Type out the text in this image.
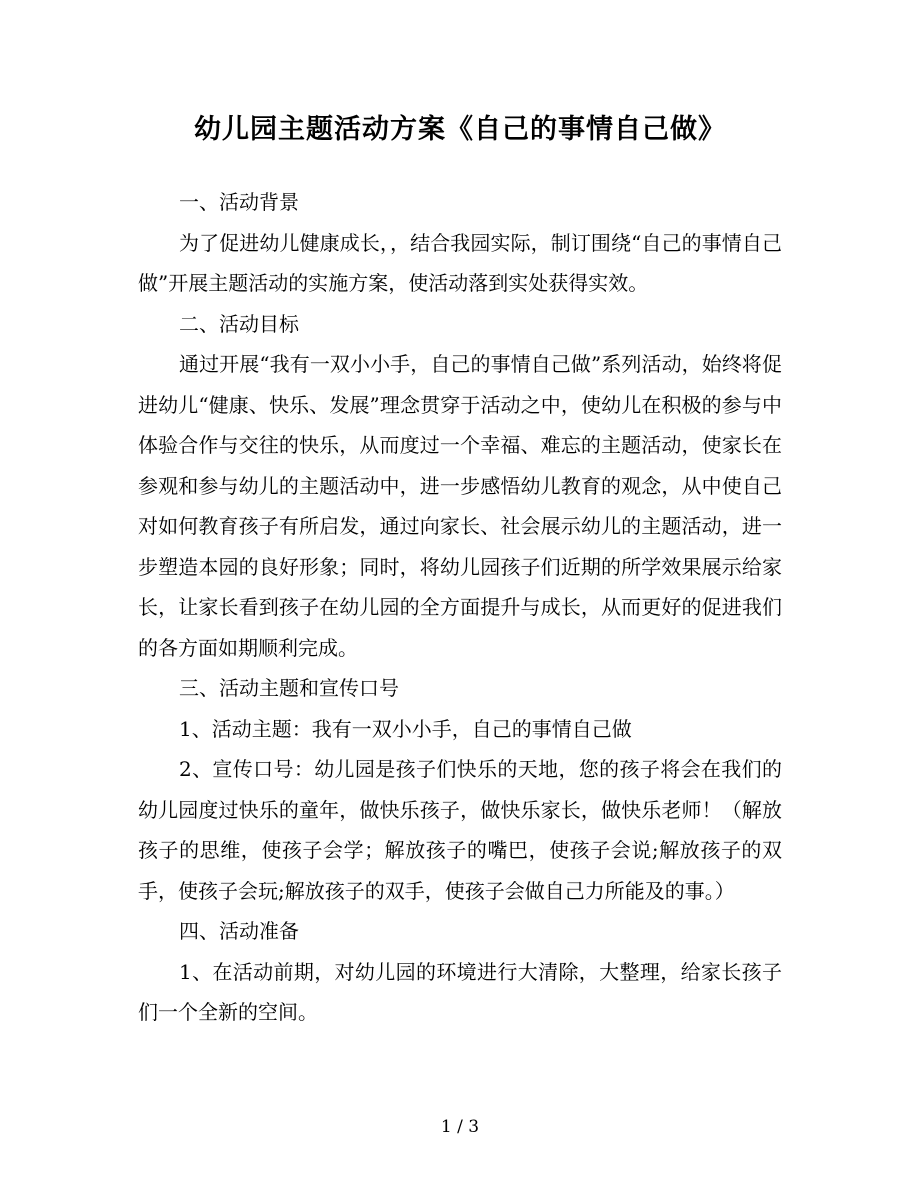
幼儿园主题活动方案《自己的事情自己做》

一、活动背景

为了促进幼儿健康成长，，结合我园实际，制订围绕“自己的事情自己做”开展主题活动的实施方案，使活动落到实处获得实效。

二、活动目标

通过开展“我有一双小小手，自己的事情自己做”系列活动，始终将促进幼儿“健康、快乐、发展”理念贯穿于活动之中，使幼儿在积极的参与中体验合作与交往的快乐，从而度过一个幸福、难忘的主题活动，使家长在参观和参与幼儿的主题活动中，进一步感悟幼儿教育的观念，从中使自己对如何教育孩子有所启发，通过向家长、社会展示幼儿的主题活动，进一步塑造本园的良好形象；同时，将幼儿园孩子们近期的所学效果展示给家长，让家长看到孩子在幼儿园的全方面提升与成长，从而更好的促进我们的各方面如期顺利完成。

三、活动主题和宣传口号

1、活动主题：我有一双小小手，自己的事情自己做

2、宣传口号：幼儿园是孩子们快乐的天地，您的孩子将会在我们的幼儿园度过快乐的童年，做快乐孩子，做快乐家长，做快乐老师！（解放孩子的思维，使孩子会学；解放孩子的嘴巴，使孩子会说;解放孩子的双手，使孩子会玩;解放孩子的双手，使孩子会做自己力所能及的事。）

四、活动准备

1、在活动前期，对幼儿园的环境进行大清除，大整理，给家长孩子们一个全新的空间。

1 / 3
